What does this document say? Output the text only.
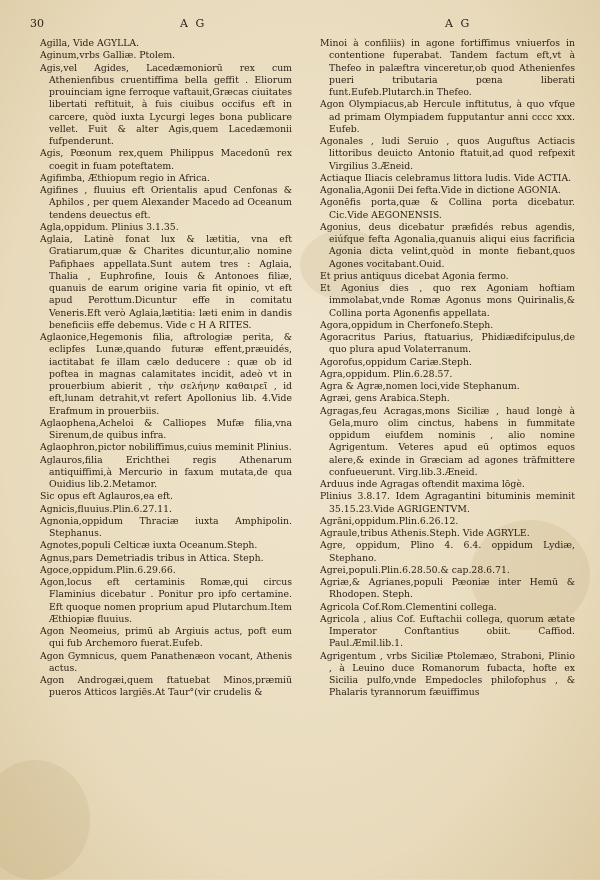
30	A G	A G

Agilla, Vide AGYLLA.

Aginum,vrbs Galliæ. Ptolem.

Agis,vel Agides, Lacedæmoniorū rex cum Athenienfibus cruentiffima bella geffit . Eliorum prouinciam igne ferroque vaftauit,Græcas ciuitates libertati reftituit, à fuis ciuibus occifus eft in carcere, quòd iuxta Lycurgi leges bona publicare vellet. Fuit & alter Agis,quem Lacedæmonii fufpenderunt.

Agis, Pœonum rex,quem Philippus Macedonū rex coegit in fuam poteftatem.

Agifimba, Æthiopum regio in Africa.

Agifines , fluuius eft Orientalis apud Cenfonas & Aphilos , per quem Alexander Macedo ad Oceanum tendens deuectus eft.

Agla,oppidum. Plinius 3.1.35.

Aglaia, Latinè fonat lux & lætitia, vna eft Gratiarum,quæ & Charites dicuntur,alio nomine Pafiphaes appellata.Sunt autem tres : Aglaia, Thalia , Euphrofine, Iouis & Antonoes filiæ, quanuis de earum origine varia fit opinio, vt eft apud Perottum.Dicuntur effe in comitatu Veneris.Eft verò Aglaia,lætitia: læti enim in dandis beneficiis effe debemus. Vide c H A RITES.

Aglaonice,Hegemonis filia, aftrologiæ perita, & eclipfes Lunæ,quando futuræ effent,præuidés, iactitabat fe illam cælo deducere : quæ ob id poftea in magnas calamitates incidit, adeò vt in prouerbium abierit , τὴν σελήνην καθαιρεῖ , id eft,lunam detrahit,vt refert Apollonius lib. 4.Vide Erafmum in prouerbiis.

Aglaophena,Acheloi & Calliopes Mufæ filia,vna Sirenum,de quibus infra.

Aglaophron,pictor nobiliffimus,cuius meminit Plinius.

Aglauros,filia Erichthei regis Athenarum antiquiffimi,à Mercurio in faxum mutata,de qua Ouidius lib.2.Metamor.

Sic opus eft Aglauros,ea eft.

Agnicis,fluuius.Plin.6.27.11.

Agnonia,oppidum Thraciæ iuxta Amphipolin. Stephanus.

Agnotes,populi Celticæ iuxta Oceanum.Steph.

Agnus,pars Demetriadis tribus in Attica. Steph.

Agoce,oppidum.Plin.6.29.66.

Agon,locus eft certaminis Romæ,qui circus Flaminius dicebatur . Ponitur pro ipfo certamine. Eft quoque nomen proprium apud Plutarchum.Item Æthiopiæ fluuius.

Agon Neomeius, primū ab Argiuis actus, poft eum qui fub Archemoro fuerat.Eufeb.

Agon Gymnicus, quem Panathenæon vocant, Athenis actus.

Agon Androgæi,quem ftatuebat Minos,præmiū pueros Atticos largiēs.At Taur°(vir crudelis &

Minoi à confiliis) in agone fortiffimus vniuerfos in contentione fuperabat. Tandem factum eft,vt à Thefeo in palæftra vinceretur,ob quod Athenienfes pueri tributaria pœna liberati funt.Eufeb.Plutarch.in Thefeo.

Agon Olympiacus,ab Hercule inftitutus, à quo vfque ad primam Olympiadem fupputantur anni cccc xxx. Eufeb.

Agonales , ludi Seruio , quos Auguftus Actiacis littoribus deuicto Antonio ftatuit,ad quod refpexit Virgilius 3.Æneid.

Actiaque Iliacis celebramus littora ludis. Vide ACTIA.

Agonalia,Agonii Dei fefta.Vide in dictione AGONIA.

Agonēfis porta,quæ & Collina porta dicebatur. Cic.Vide AEGONENSIS.

Agonius, deus dicebatur præfidés rebus agendis, eiúfque fefta Agonalia,quanuis aliqui eius facrificia Agonia dicta velint,quòd in monte fiebant,quos Agones vocitabant.Ouid.

Et prius antiquus dicebat Agonia fermo.

Et Agonius dies , quo rex Agoniam hoftiam immolabat,vnde Romæ Agonus mons Quirinalis,& Collina porta Agonenfis appellata.

Agora,oppidum in Cherfonefo.Steph.

Agoracritus Parius, ftatuarius, Phidiædifcipulus,de quo plura apud Volaterranum.

Agorofus,oppidum Cariæ.Steph.

Agra,oppidum. Plin.6.28.57.

Agra & Agræ,nomen loci,vide Stephanum.

Agræi, gens Arabica.Steph.

Agragas,feu Acragas,mons Siciliæ , haud longè à Gela,muro olim cinctus, habens in fummitate oppidum eiufdem nominis , alio nomine Agrigentum. Veteres apud eū optimos equos alere,& exinde in Græciam ad agones trāfmittere confueuerunt. Virg.lib.3.Æneid.

Arduus inde Agragas oftendit maxima lōgè.

Plinius 3.8.17. Idem Agragantini bituminis meminit 35.15.23.Vide AGRIGENTVM.

Agrāni,oppidum.Plin.6.26.12.

Agraule,tribus Athenis.Steph. Vide AGRYLE.

Agre, oppidum, Plino 4. 6.4. oppidum Lydiæ, Stephano.

Agrei,populi.Plin.6.28.50.& cap.28.6.71.

Agriæ,& Agrianes,populi Pæoniæ inter Hemū & Rhodopen. Steph.

Agricola Cof.Rom.Clementini collega.

Agricola , alius Cof. Euftachii collega, quorum ætate Imperator Conftantius obiit. Caffiod. Paul.Æmil.lib.1.

Agrigentum , vrbs Siciliæ Ptolemæo, Straboni, Plinio , à Leuino duce Romanorum fubacta, hofte ex Sicilia pulfo,vnde Empedocles philofophus , & Phalaris tyrannorum fæuiffimus
